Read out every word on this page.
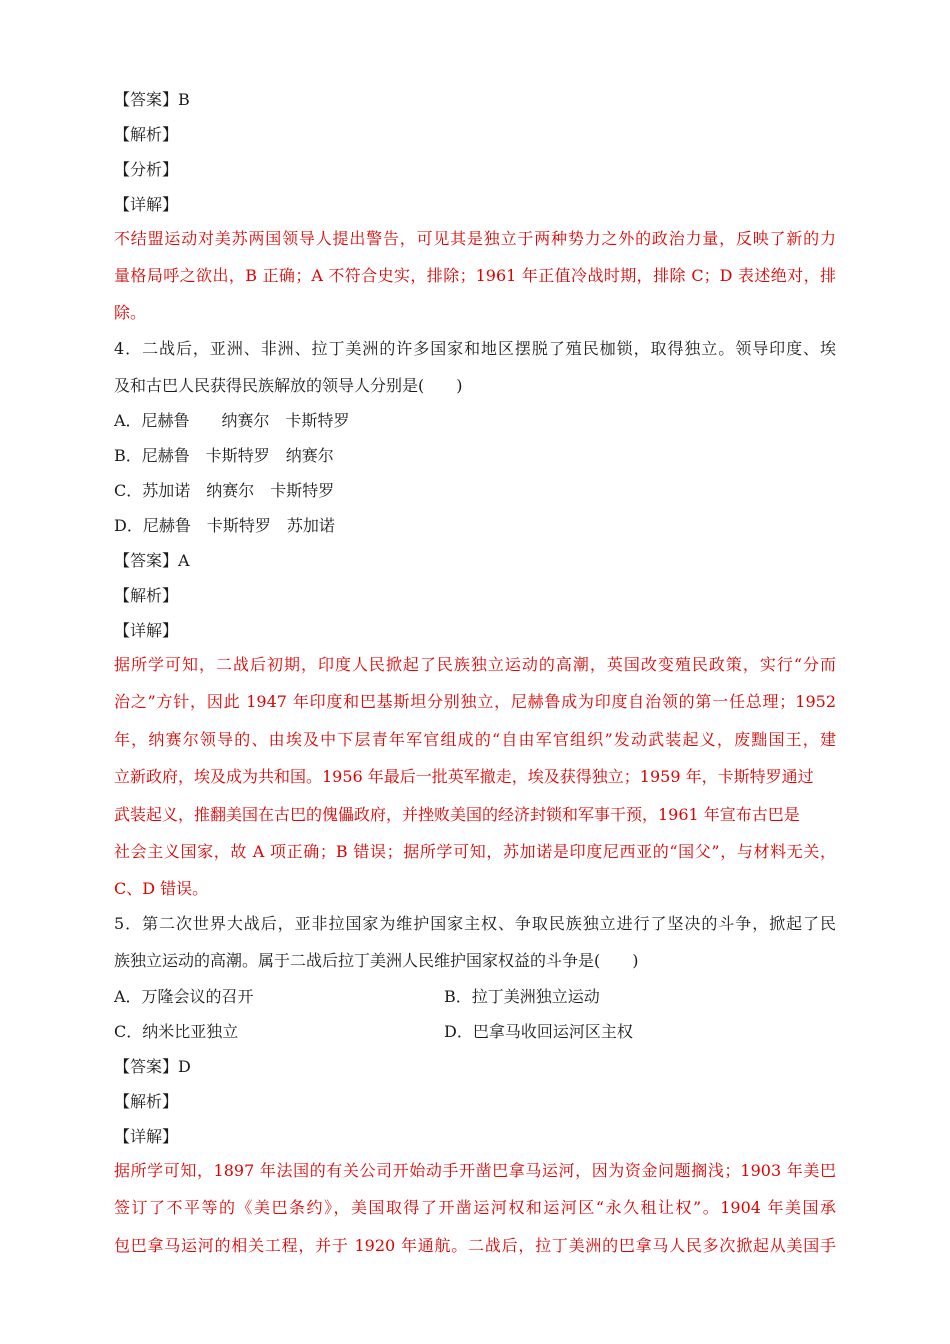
【答案】B
【解析】
【分析】
【详解】
不结盟运动对美苏两国领导人提出警告，可见其是独立于两种势力之外的政治力量，反映了新的力
量格局呼之欲出，B 正确；A 不符合史实，排除；1961 年正值冷战时期，排除 C；D 表述绝对，排
除。
4．二战后，亚洲、非洲、拉丁美洲的许多国家和地区摆脱了殖民枷锁，取得独立。领导印度、埃
及和古巴人民获得民族解放的领导人分别是(　　)
A．尼赫鲁　　纳赛尔　卡斯特罗
B．尼赫鲁　卡斯特罗　纳赛尔
C．苏加诺　纳赛尔　卡斯特罗
D．尼赫鲁　卡斯特罗　苏加诺
【答案】A
【解析】
【详解】
据所学可知，二战后初期，印度人民掀起了民族独立运动的高潮，英国改变殖民政策，实行“分而
治之”方针，因此 1947 年印度和巴基斯坦分别独立，尼赫鲁成为印度自治领的第一任总理；1952
年，纳赛尔领导的、由埃及中下层青年军官组成的“自由军官组织”发动武装起义，废黜国王，建
立新政府，埃及成为共和国。1956 年最后一批英军撤走，埃及获得独立；1959 年，卡斯特罗通过
武装起义，推翻美国在古巴的傀儡政府，并挫败美国的经济封锁和军事干预，1961 年宣布古巴是
社会主义国家，故 A 项正确；B 错误；据所学可知，苏加诺是印度尼西亚的“国父”，与材料无关，
C、D 错误。
5．第二次世界大战后，亚非拉国家为维护国家主权、争取民族独立进行了坚决的斗争，掀起了民
族独立运动的高潮。属于二战后拉丁美洲人民维护国家权益的斗争是(　　)
A．万隆会议的召开	B．拉丁美洲独立运动
C．纳米比亚独立	D．巴拿马收回运河区主权
【答案】D
【解析】
【详解】
据所学可知，1897 年法国的有关公司开始动手开凿巴拿马运河，因为资金问题搁浅；1903 年美巴
签订了不平等的《美巴条约》，美国取得了开凿运河权和运河区“永久租让权”。1904 年美国承
包巴拿马运河的相关工程，并于 1920 年通航。二战后，拉丁美洲的巴拿马人民多次掀起从美国手
